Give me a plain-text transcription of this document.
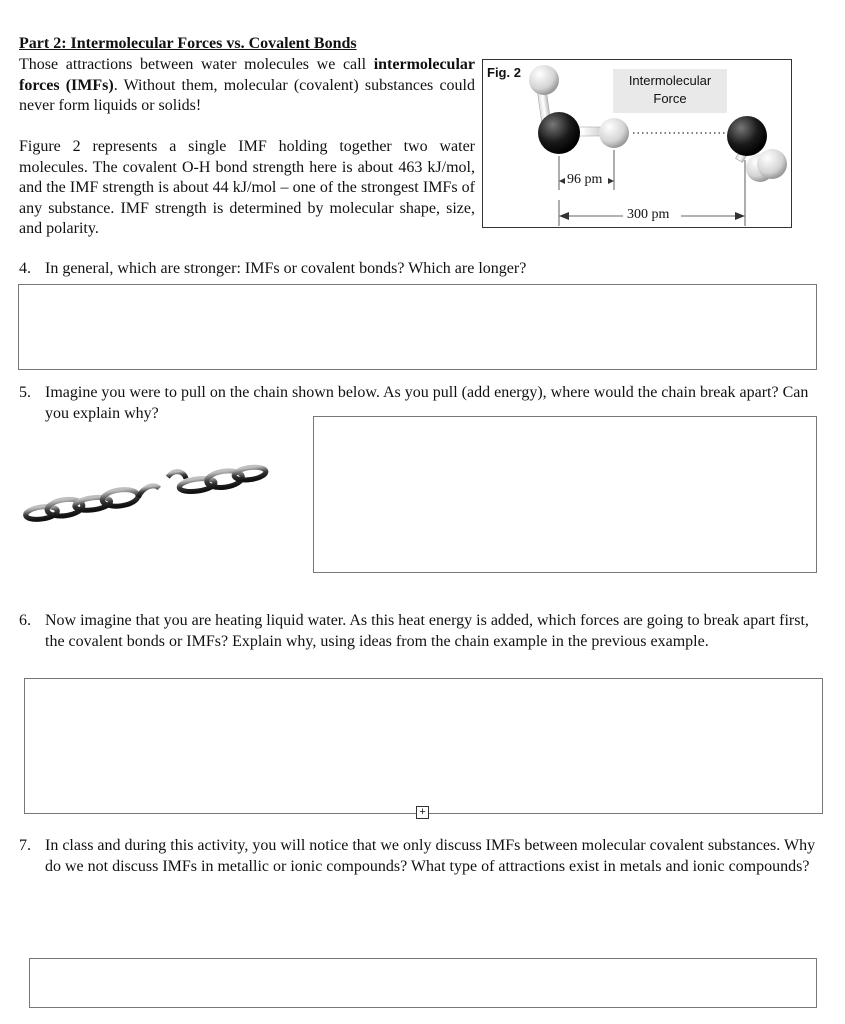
Part 2: Intermolecular Forces vs. Covalent Bonds
Those attractions between water molecules we call intermolecular forces (IMFs). Without them, molecular (covalent) substances could never form liquids or solids!
Figure 2 represents a single IMF holding together two water molecules. The covalent O-H bond strength here is about 463 kJ/mol, and the IMF strength is about 44 kJ/mol – one of the strongest IMFs of any substance. IMF strength is determined by molecular shape, size, and polarity.
Fig. 2
Intermolecular
Force
96 pm
300 pm
4. In general, which are stronger: IMFs or covalent bonds? Which are longer?
5. Imagine you were to pull on the chain shown below. As you pull (add energy), where would the chain break apart? Can you explain why?
6. Now imagine that you are heating liquid water. As this heat energy is added, which forces are going to break apart first, the covalent bonds or IMFs? Explain why, using ideas from the chain example in the previous example.
+
7. In class and during this activity, you will notice that we only discuss IMFs between molecular covalent substances. Why do we not discuss IMFs in metallic or ionic compounds? What type of attractions exist in metals and ionic compounds?
